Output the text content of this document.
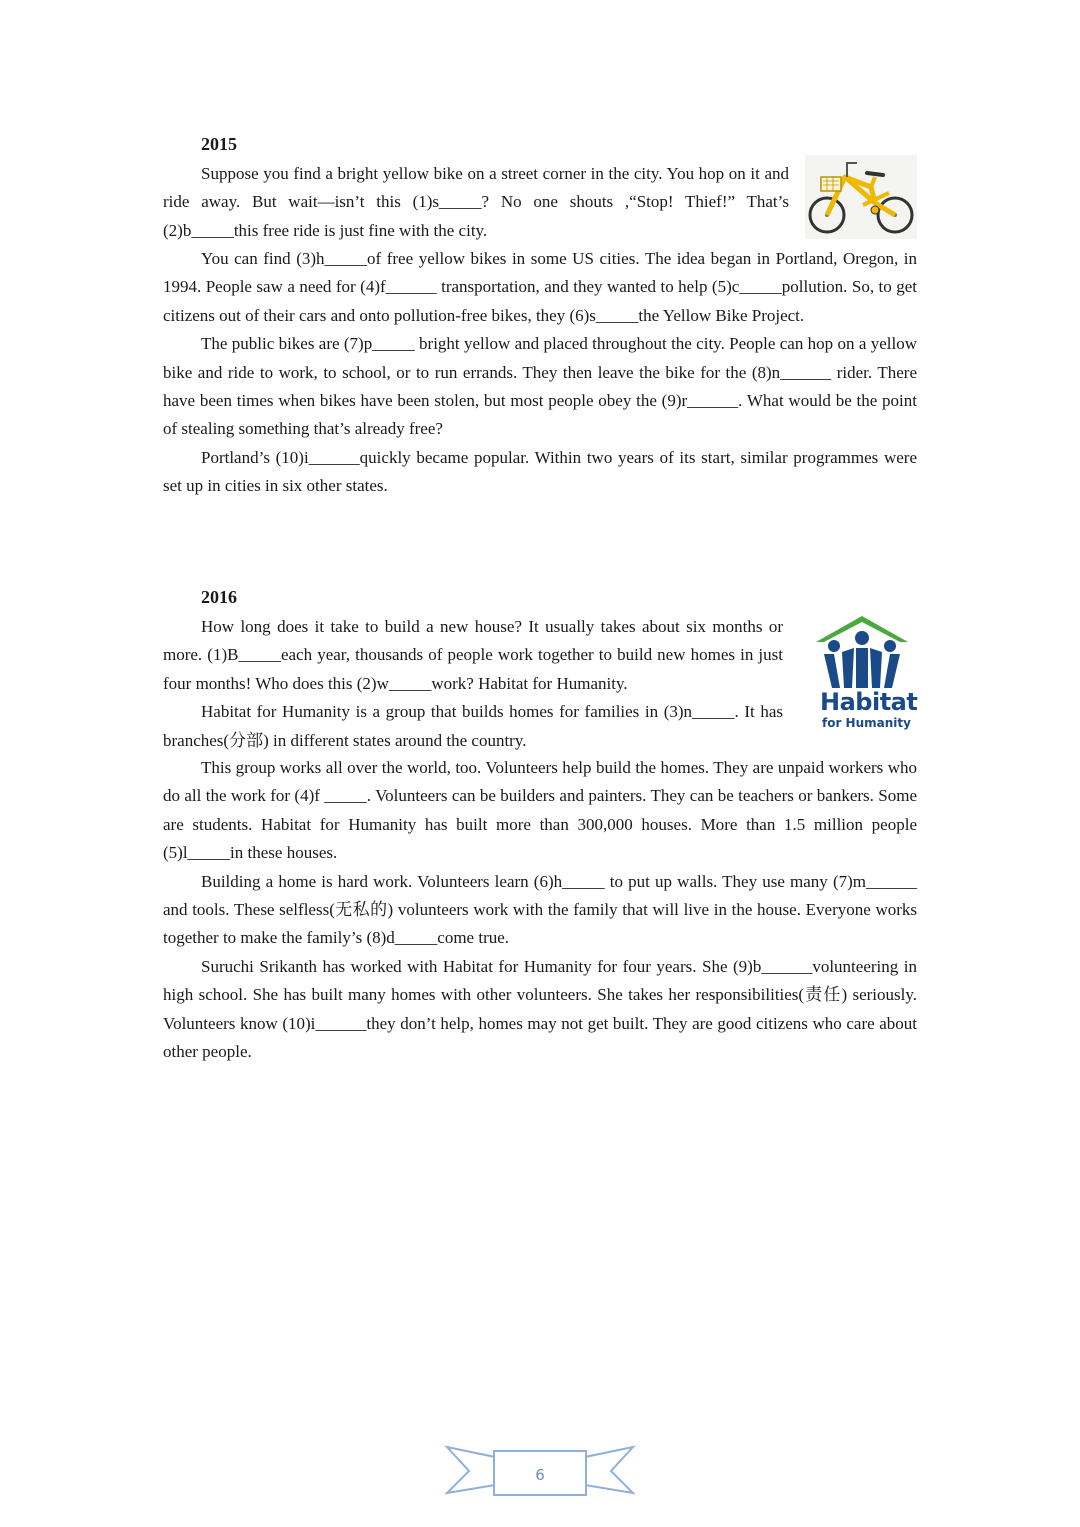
2015

Suppose you find a bright yellow bike on a street corner in the city. You hop on it and ride away. But wait—isn’t this (1)s_____? No one shouts ,“Stop! Thief!” That’s (2)b_____this free ride is just fine with the city.

You can find (3)h_____of free yellow bikes in some US cities. The idea began in Portland, Oregon, in 1994. People saw a need for (4)f______ transportation, and they wanted to help (5)c_____pollution. So, to get citizens out of their cars and onto pollution-free bikes, they (6)s_____the Yellow Bike Project.

The public bikes are (7)p_____ bright yellow and placed throughout the city. People can hop on a yellow bike and ride to work, to school, or to run errands. They then leave the bike for the (8)n______ rider. There have been times when bikes have been stolen, but most people obey the (9)r______. What would be the point of stealing something that’s already free?

Portland’s (10)i______quickly became popular. Within two years of its start, similar programmes were set up in cities in six other states.

2016

How long does it take to build a new house? It usually takes about six months or more. (1)B_____each year, thousands of people work together to build new homes in just four months! Who does this (2)w_____work? Habitat for Humanity.

Habitat for Humanity is a group that builds homes for families in (3)n_____. It has branches(分部) in different states around the country.

Habitat
for Humanity

This group works all over the world, too. Volunteers help build the homes. They are unpaid workers who do all the work for (4)f _____. Volunteers can be builders and painters. They can be teachers or bankers. Some are students. Habitat for Humanity has built more than 300,000 houses. More than 1.5 million people (5)l_____in these houses.

Building a home is hard work. Volunteers learn (6)h_____ to put up walls. They use many (7)m______ and tools. These selfless(无私的) volunteers work with the family that will live in the house. Everyone works together to make the family’s (8)d_____come true.

Suruchi Srikanth has worked with Habitat for Humanity for four years. She (9)b______volunteering in high school. She has built many homes with other volunteers. She takes her responsibilities(责任) seriously. Volunteers know (10)i______they don’t help, homes may not get built. They are good citizens who care about other people.

6
